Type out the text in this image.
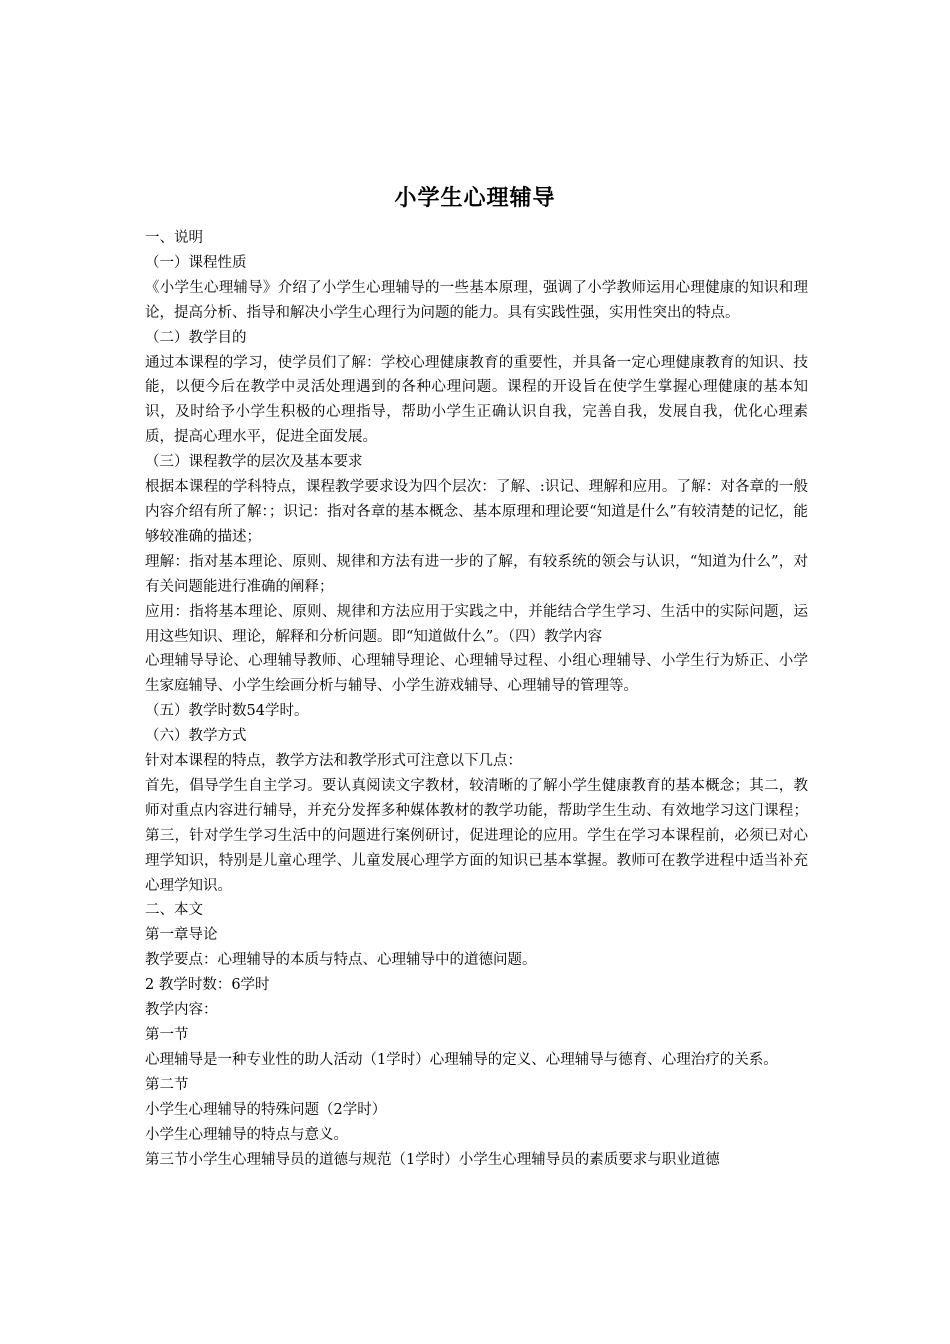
小学生心理辅导

一、说明

（一）课程性质

《小学生心理辅导》介绍了小学生心理辅导的一些基本原理，强调了小学教师运用心理健康的知识和理论，提高分析、指导和解决小学生心理行为问题的能力。具有实践性强，实用性突出的特点。

（二）教学目的

通过本课程的学习，使学员们了解：学校心理健康教育的重要性，并具备一定心理健康教育的知识、技能，以便今后在教学中灵活处理遇到的各种心理问题。课程的开设旨在使学生掌握心理健康的基本知识，及时给予小学生积极的心理指导，帮助小学生正确认识自我，完善自我，发展自我，优化心理素质，提高心理水平，促进全面发展。

（三）课程教学的层次及基本要求

根据本课程的学科特点，课程教学要求设为四个层次：了解、:识记、理解和应用。了解：对各章的一般内容介绍有所了解：；识记：指对各章的基本概念、基本原理和理论要“知道是什么”有较清楚的记忆，能够较准确的描述；

理解：指对基本理论、原则、规律和方法有进一步的了解，有较系统的领会与认识，“知道为什么”，对有关问题能进行准确的阐释；

应用：指将基本理论、原则、规律和方法应用于实践之中，并能结合学生学习、生活中的实际问题，运用这些知识、理论，解释和分析问题。即“知道做什么”。（四）教学内容

心理辅导导论、心理辅导教师、心理辅导理论、心理辅导过程、小组心理辅导、小学生行为矫正、小学生家庭辅导、小学生绘画分析与辅导、小学生游戏辅导、心理辅导的管理等。

（五）教学时数54学时。

（六）教学方式

针对本课程的特点，教学方法和教学形式可注意以下几点：

首先，倡导学生自主学习。要认真阅读文字教材，较清晰的了解小学生健康教育的基本概念；其二，教师对重点内容进行辅导，并充分发挥多种媒体教材的教学功能，帮助学生生动、有效地学习这门课程；第三，针对学生学习生活中的问题进行案例研讨，促进理论的应用。学生在学习本课程前，必须已对心理学知识，特别是儿童心理学、儿童发展心理学方面的知识已基本掌握。教师可在教学进程中适当补充心理学知识。

二、本文

第一章导论

教学要点：心理辅导的本质与特点、心理辅导中的道德问题。

2 教学时数：6学时

教学内容：

第一节

心理辅导是一种专业性的助人活动（1学时）心理辅导的定义、心理辅导与德育、心理治疗的关系。

第二节

小学生心理辅导的特殊问题（2学时）

小学生心理辅导的特点与意义。

第三节小学生心理辅导员的道德与规范（1学时）小学生心理辅导员的素质要求与职业道德
